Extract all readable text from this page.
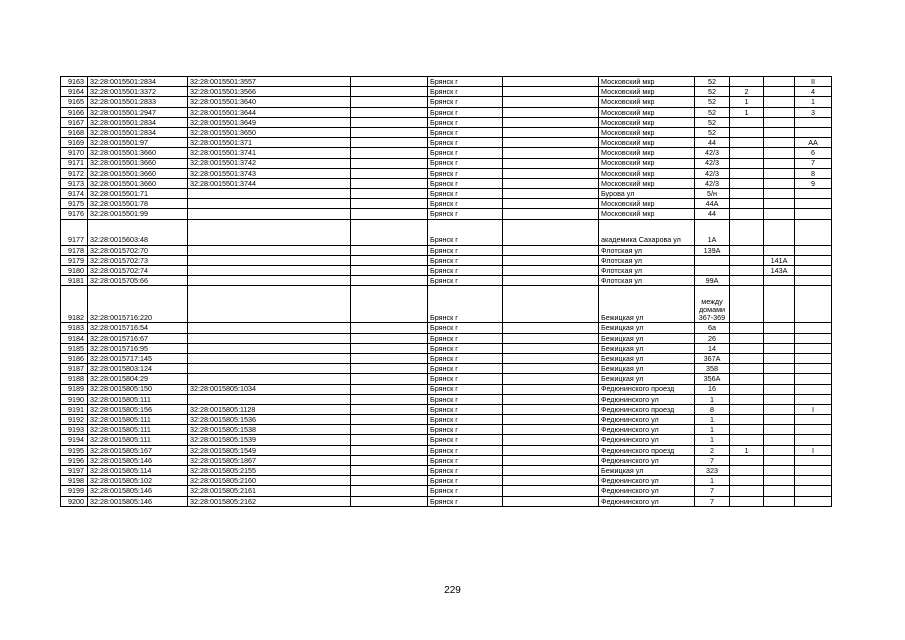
9163	32:28:0015501:2834	32:28:0015501:3557		Брянск г		Московский мкр	52			II
9164	32:28:0015501:3372	32:28:0015501:3566		Брянск г		Московский мкр	52	2		4
9165	32:28:0015501:2833	32:28:0015501:3640		Брянск г		Московский мкр	52	1		1
9166	32:28:0015501:2947	32:28:0015501:3644		Брянск г		Московский мкр	52	1		3
9167	32:28:0015501:2834	32:28:0015501:3649		Брянск г		Московский мкр	52			
9168	32:28:0015501:2834	32:28:0015501:3650		Брянск г		Московский мкр	52			
9169	32:28:0015501:97	32:28:0015501:371		Брянск г		Московский мкр	44			АА
9170	32:28:0015501:3660	32:28:0015501:3741		Брянск г		Московский мкр	42/3			6
9171	32:28:0015501:3660	32:28:0015501:3742		Брянск г		Московский мкр	42/3			7
9172	32:28:0015501:3660	32:28:0015501:3743		Брянск г		Московский мкр	42/3			8
9173	32:28:0015501:3660	32:28:0015501:3744		Брянск г		Московский мкр	42/3			9
9174	32:28:0015501:71			Брянск г		Бурова ул	5/н			
9175	32:28:0015501:78			Брянск г		Московский мкр	44А			
9176	32:28:0015501:99			Брянск г		Московский мкр	44			
9177	32:28:0015603:48			Брянск г		академика Сахарова ул	1А			
9178	32:28:0015702:70			Брянск г		Флотская ул	139А			
9179	32:28:0015702:73			Брянск г		Флотская ул			141А	
9180	32:28:0015702:74			Брянск г		Флотская ул			143А	
9181	32:28:0015705:66			Брянск г		Флотская ул	99А			
9182	32:28:0015716:220			Брянск г		Бежицкая ул	между домами 367-369			
9183	32:28:0015716:54			Брянск г		Бежицкая ул	6а			
9184	32:28:0015716:67			Брянск г		Бежицкая ул	26			
9185	32:28:0015716:95			Брянск г		Бежицкая ул	14			
9186	32:28:0015717:145			Брянск г		Бежицкая ул	367А			
9187	32:28:0015803:124			Брянск г		Бежицкая ул	358			
9188	32:28:0015804:29			Брянск г		Бежицкая ул	356А			
9189	32:28:0015805:150	32:28:0015805:1034		Брянск г		Федюнинского проезд	16			
9190	32:28:0015805:111			Брянск г		Федюнинского ул	1			
9191	32:28:0015805:156	32:28:0015805:1128		Брянск г		Федюнинского проезд	8			I
9192	32:28:0015805:111	32:28:0015805:1536		Брянск г		Федюнинского ул	1			
9193	32:28:0015805:111	32:28:0015805:1538		Брянск г		Федюнинского ул	1			
9194	32:28:0015805:111	32:28:0015805:1539		Брянск г		Федюнинского ул	1			
9195	32:28:0015805:167	32:28:0015805:1549		Брянск г		Федюнинского проезд	2	1		I
9196	32:28:0015805:146	32:28:0015805:1867		Брянск г		Федюнинского ул	7			
9197	32:28:0015805:114	32:28:0015805:2155		Брянск г		Бежицкая ул	323			
9198	32:28:0015805:102	32:28:0015805:2160		Брянск г		Федюнинского ул	1			
9199	32:28:0015805:146	32:28:0015805:2161		Брянск г		Федюнинского ул	7			
9200	32:28:0015805:146	32:28:0015805:2162		Брянск г		Федюнинского ул	7			
229
